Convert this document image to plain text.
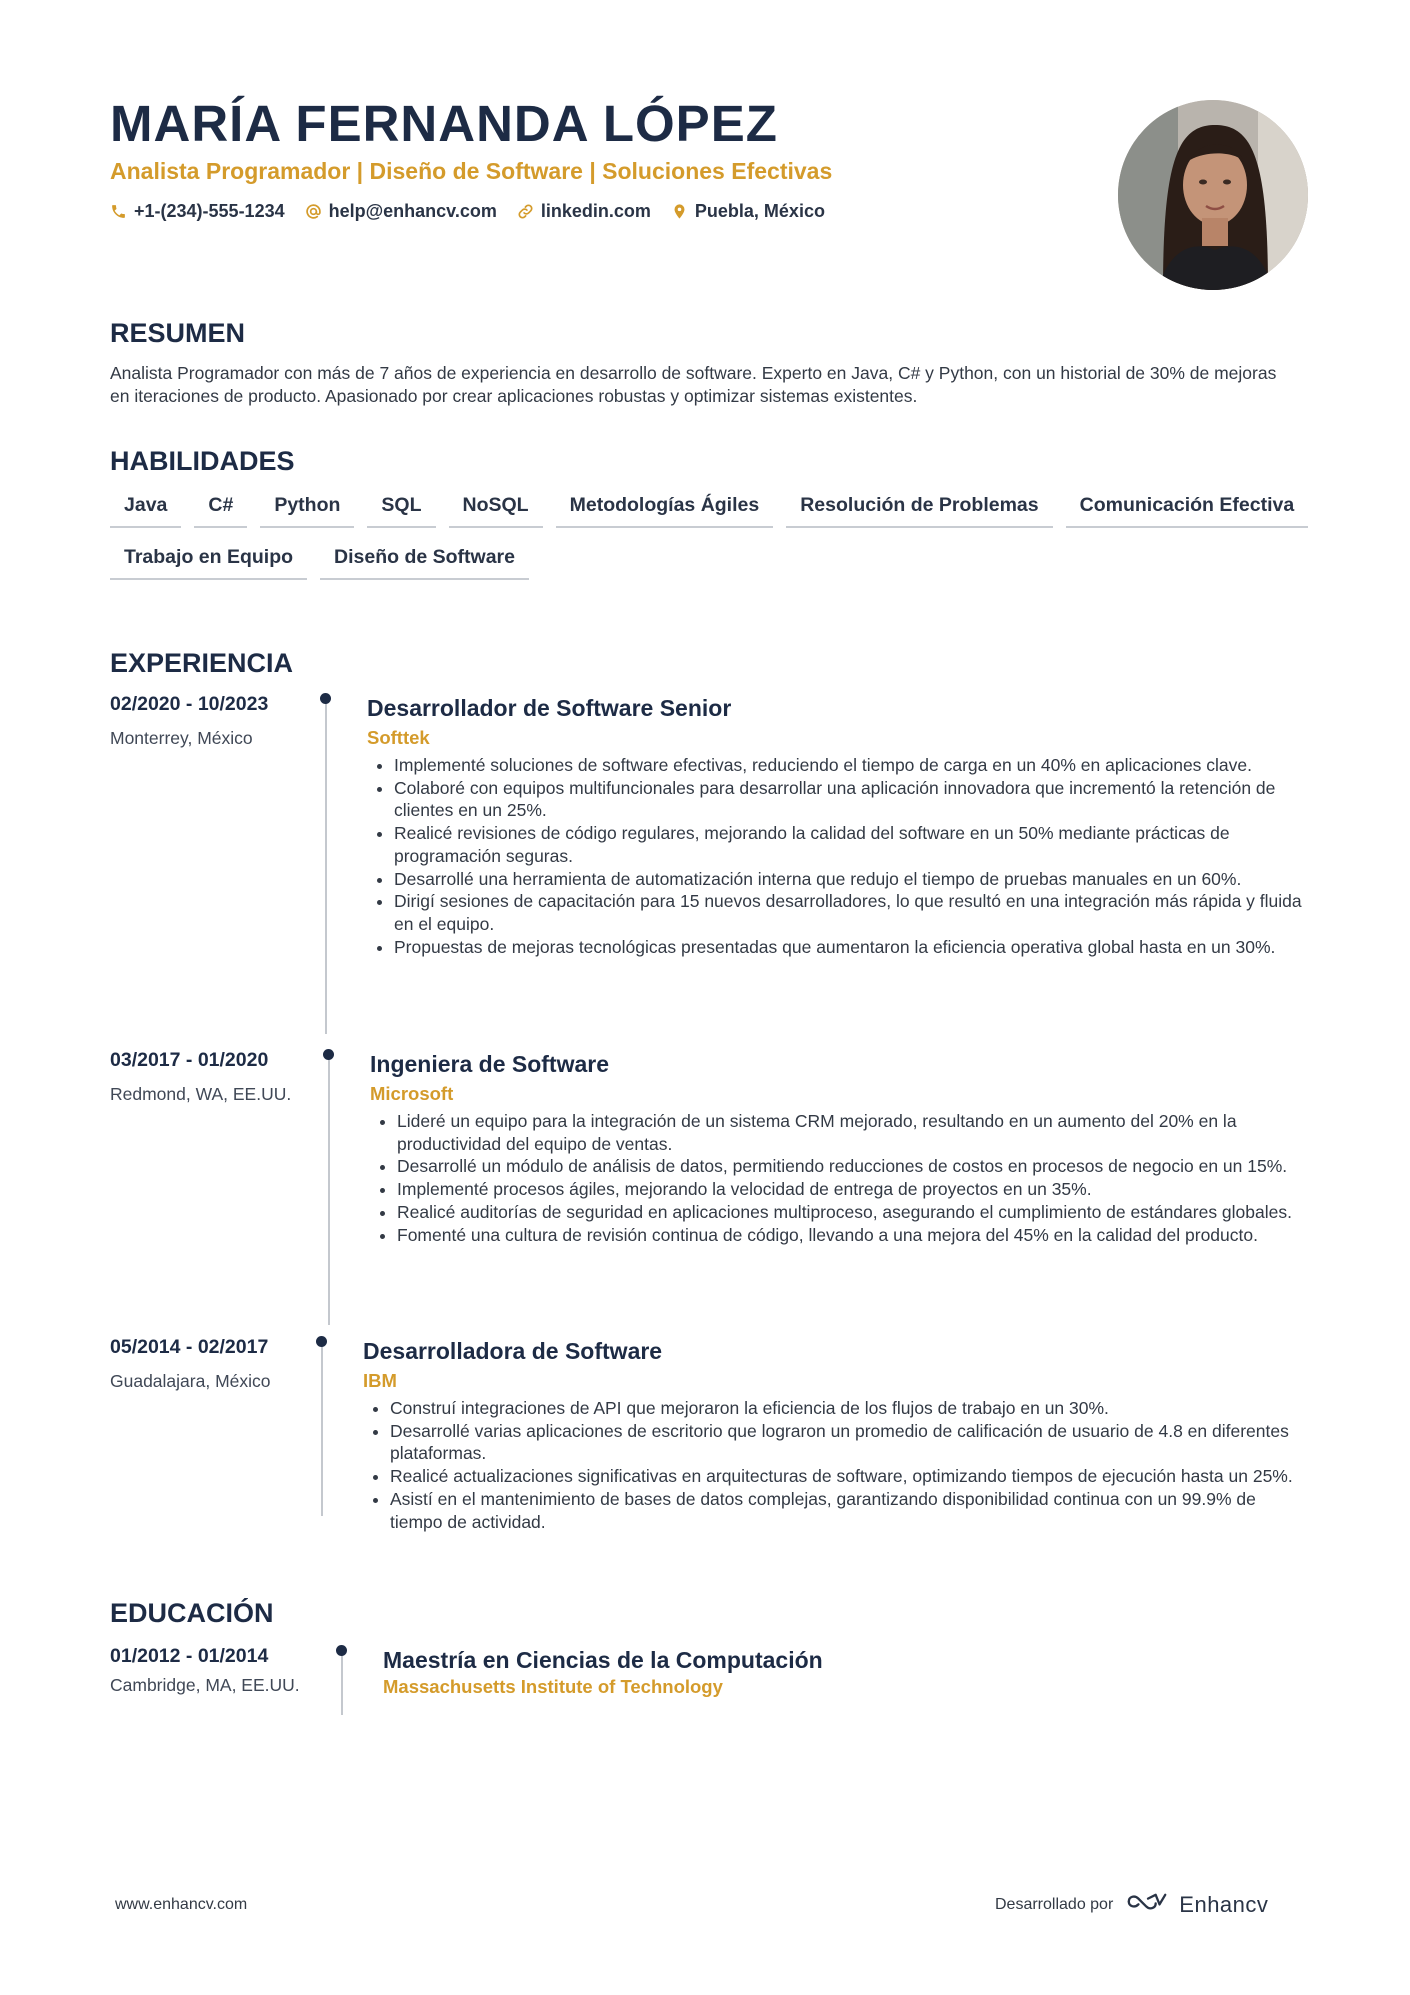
MARÍA FERNANDA LÓPEZ
Analista Programador | Diseño de Software | Soluciones Efectivas
+1-(234)-555-1234 help@enhancv.com linkedin.com Puebla, México
RESUMEN

Analista Programador con más de 7 años de experiencia en desarrollo de software. Experto en Java, C# y Python, con un historial de 30% de mejoras en iteraciones de producto. Apasionado por crear aplicaciones robustas y optimizar sistemas existentes.

HABILIDADES
Java	C#	Python	SQL	NoSQL	Metodologías Ágiles	Resolución de Problemas	Comunicación Efectiva
Trabajo en Equipo	Diseño de Software
EXPERIENCIA
02/2020 - 10/2023
Monterrey, México
Desarrollador de Software Senior
Softtek
• Implementé soluciones de software efectivas, reduciendo el tiempo de carga en un 40% en aplicaciones clave.
• Colaboré con equipos multifuncionales para desarrollar una aplicación innovadora que incrementó la retención de clientes en un 25%.
• Realicé revisiones de código regulares, mejorando la calidad del software en un 50% mediante prácticas de programación seguras.
• Desarrollé una herramienta de automatización interna que redujo el tiempo de pruebas manuales en un 60%.
• Dirigí sesiones de capacitación para 15 nuevos desarrolladores, lo que resultó en una integración más rápida y fluida en el equipo.
• Propuestas de mejoras tecnológicas presentadas que aumentaron la eficiencia operativa global hasta en un 30%.
03/2017 - 01/2020
Redmond, WA, EE.UU.
Ingeniera de Software
Microsoft
• Lideré un equipo para la integración de un sistema CRM mejorado, resultando en un aumento del 20% en la productividad del equipo de ventas.
• Desarrollé un módulo de análisis de datos, permitiendo reducciones de costos en procesos de negocio en un 15%.
• Implementé procesos ágiles, mejorando la velocidad de entrega de proyectos en un 35%.
• Realicé auditorías de seguridad en aplicaciones multiproceso, asegurando el cumplimiento de estándares globales.
• Fomenté una cultura de revisión continua de código, llevando a una mejora del 45% en la calidad del producto.
05/2014 - 02/2017
Guadalajara, México
Desarrolladora de Software
IBM
• Construí integraciones de API que mejoraron la eficiencia de los flujos de trabajo en un 30%.
• Desarrollé varias aplicaciones de escritorio que lograron un promedio de calificación de usuario de 4.8 en diferentes plataformas.
• Realicé actualizaciones significativas en arquitecturas de software, optimizando tiempos de ejecución hasta un 25%.
• Asistí en el mantenimiento de bases de datos complejas, garantizando disponibilidad continua con un 99.9% de tiempo de actividad.
EDUCACIÓN
01/2012 - 01/2014
Cambridge, MA, EE.UU.
Maestría en Ciencias de la Computación
Massachusetts Institute of Technology
www.enhancv.com	Desarrollado por	Enhancv
